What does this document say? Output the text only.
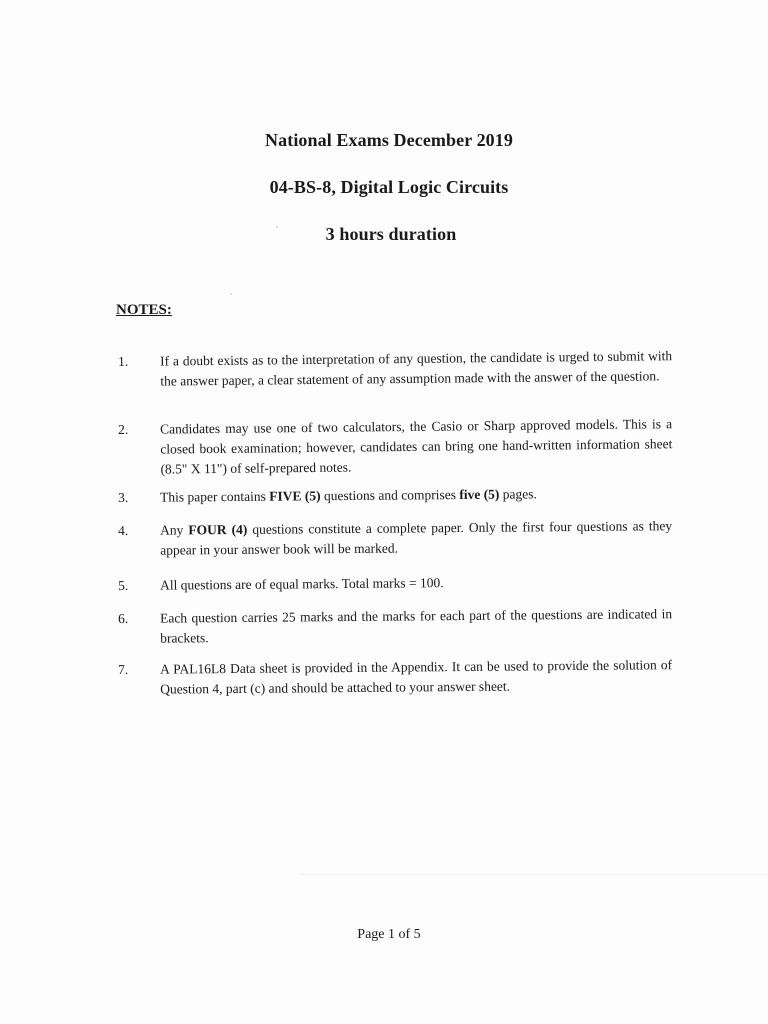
National Exams December 2019
04-BS-8, Digital Logic Circuits
3 hours duration
NOTES:
1.	If a doubt exists as to the interpretation of any question, the candidate is urged to submit with the answer paper, a clear statement of any assumption made with the answer of the question.
2.	Candidates may use one of two calculators, the Casio or Sharp approved models. This is a closed book examination; however, candidates can bring one hand-written information sheet (8.5" X 11") of self-prepared notes.
3.	This paper contains FIVE (5) questions and comprises five (5) pages.
4.	Any FOUR (4) questions constitute a complete paper. Only the first four questions as they appear in your answer book will be marked.
5.	All questions are of equal marks. Total marks = 100.
6.	Each question carries 25 marks and the marks for each part of the questions are indicated in brackets.
7.	A PAL16L8 Data sheet is provided in the Appendix. It can be used to provide the solution of Question 4, part (c) and should be attached to your answer sheet.
Page 1 of 5
